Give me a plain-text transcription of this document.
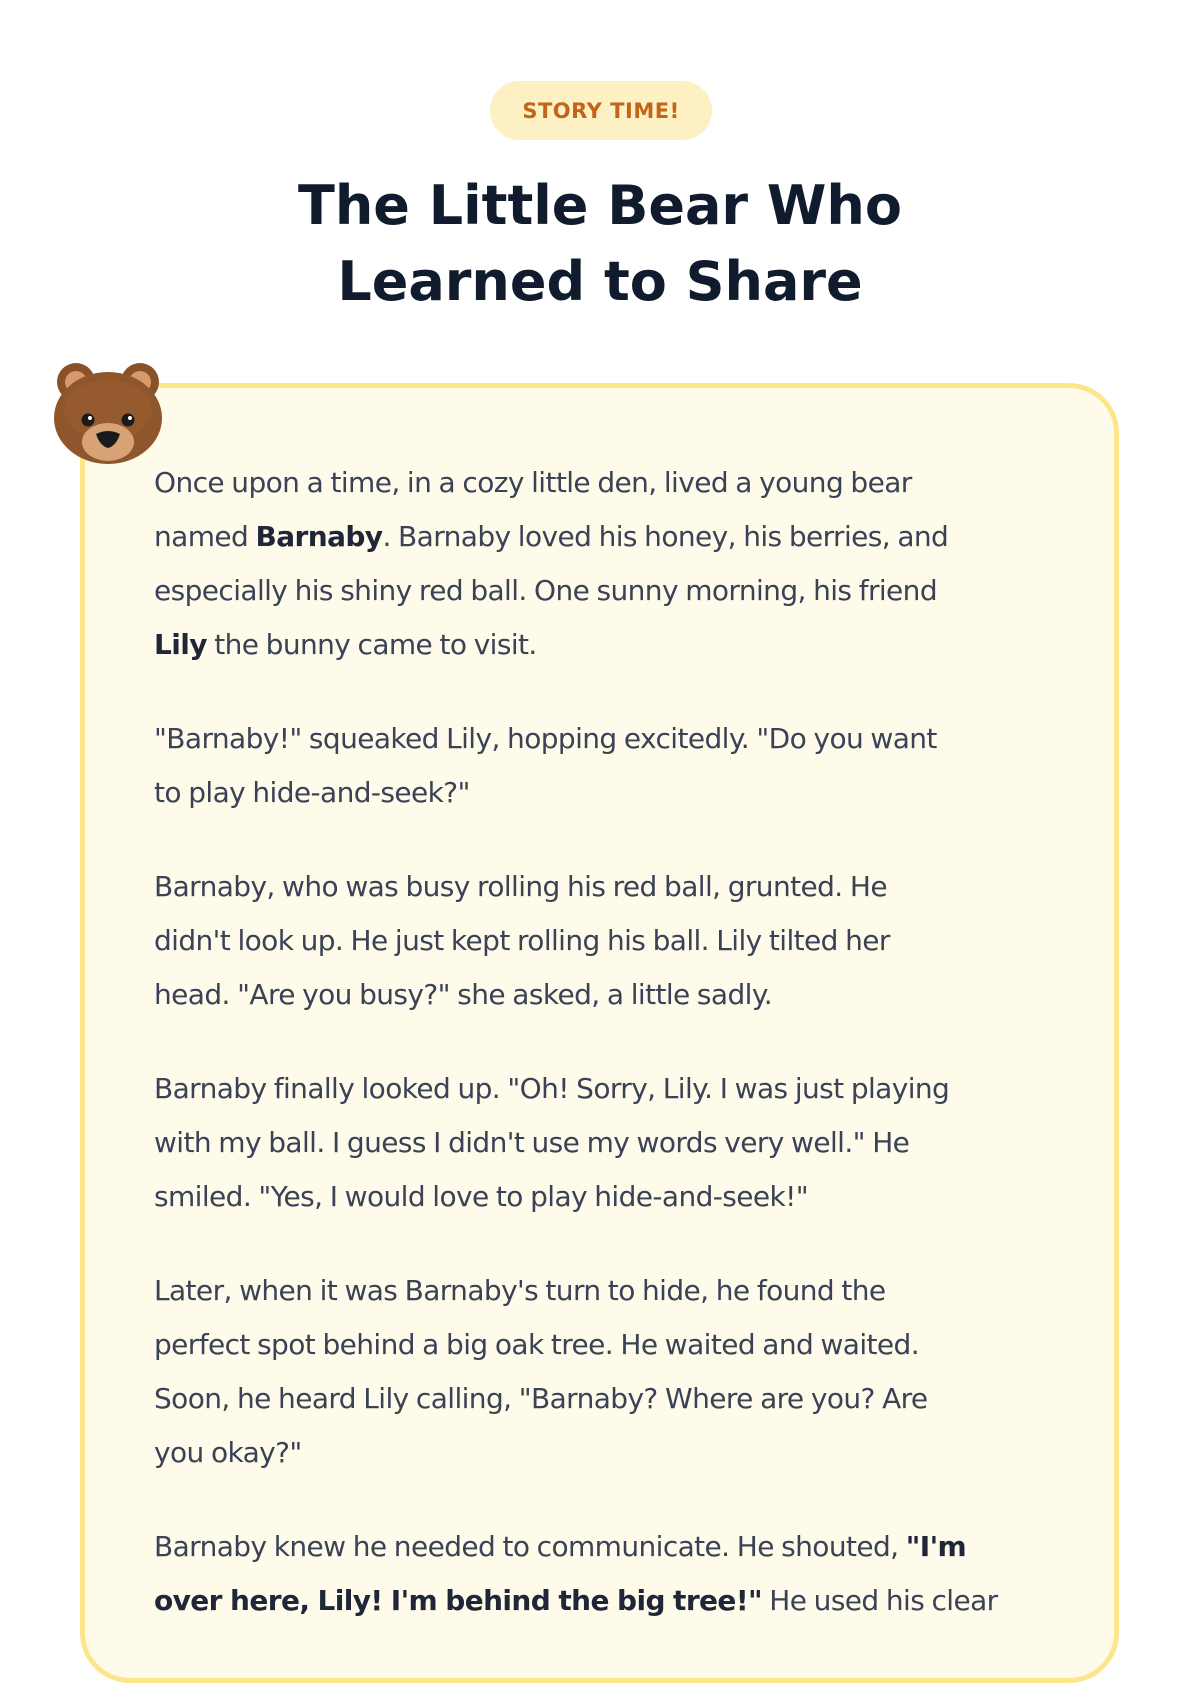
STORY TIME!
The Little Bear Who
Learned to Share

Once upon a time, in a cozy little den, lived a young bear
named Barnaby. Barnaby loved his honey, his berries, and
especially his shiny red ball. One sunny morning, his friend
Lily the bunny came to visit.

"Barnaby!" squeaked Lily, hopping excitedly. "Do you want
to play hide-and-seek?"

Barnaby, who was busy rolling his red ball, grunted. He
didn't look up. He just kept rolling his ball. Lily tilted her
head. "Are you busy?" she asked, a little sadly.

Barnaby finally looked up. "Oh! Sorry, Lily. I was just playing
with my ball. I guess I didn't use my words very well." He
smiled. "Yes, I would love to play hide-and-seek!"

Later, when it was Barnaby's turn to hide, he found the
perfect spot behind a big oak tree. He waited and waited.
Soon, he heard Lily calling, "Barnaby? Where are you? Are
you okay?"

Barnaby knew he needed to communicate. He shouted, "I'm
over here, Lily! I'm behind the big tree!" He used his clear
